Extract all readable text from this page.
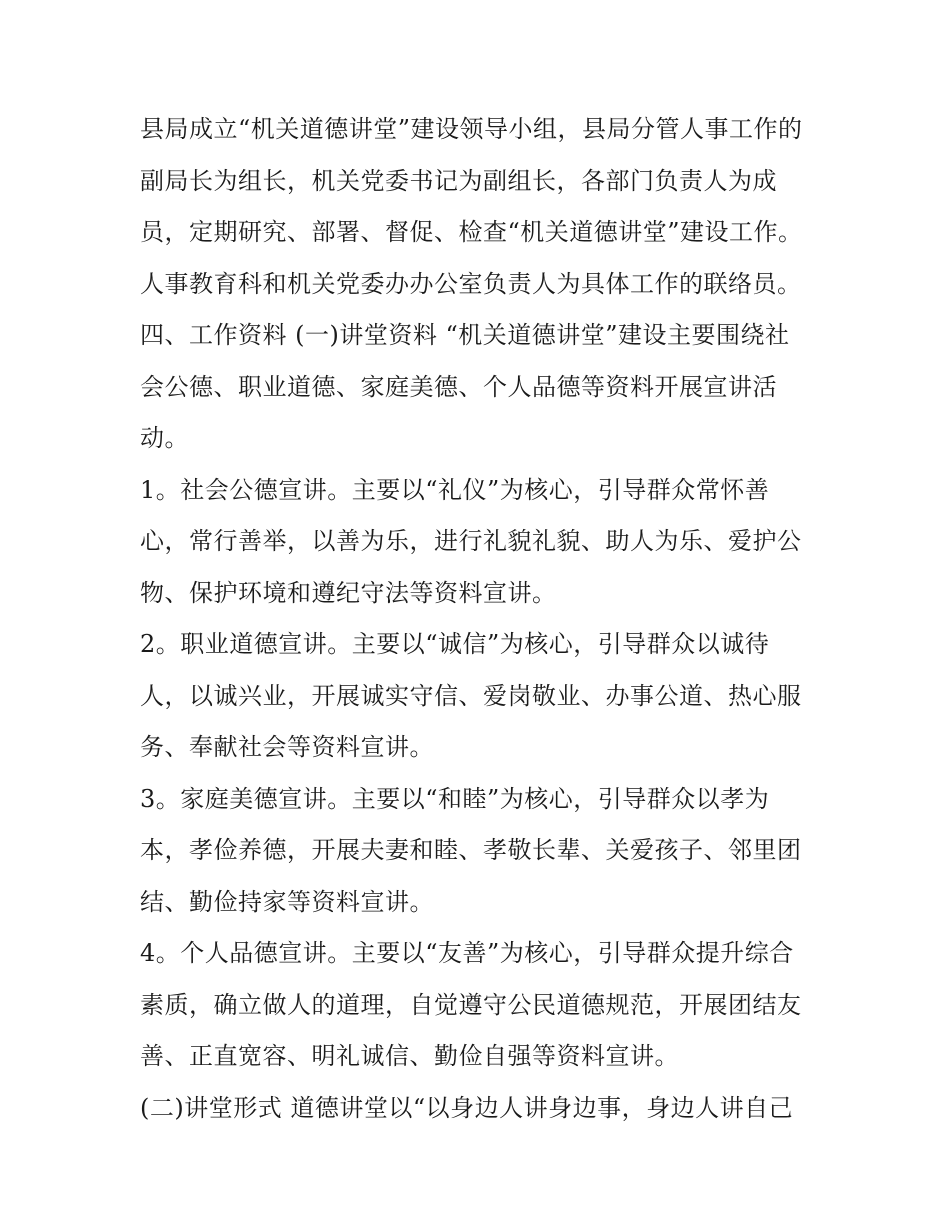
县局成立“机关道德讲堂”建设领导小组，县局分管人事工作的
副局长为组长，机关党委书记为副组长，各部门负责人为成
员，定期研究、部署、督促、检查“机关道德讲堂”建设工作。
人事教育科和机关党委办办公室负责人为具体工作的联络员。
四、工作资料 (一)讲堂资料 “机关道德讲堂”建设主要围绕社
会公德、职业道德、家庭美德、个人品德等资料开展宣讲活
动。
1。社会公德宣讲。主要以“礼仪”为核心，引导群众常怀善
心，常行善举，以善为乐，进行礼貌礼貌、助人为乐、爱护公
物、保护环境和遵纪守法等资料宣讲。
2。职业道德宣讲。主要以“诚信”为核心，引导群众以诚待
人，以诚兴业，开展诚实守信、爱岗敬业、办事公道、热心服
务、奉献社会等资料宣讲。
3。家庭美德宣讲。主要以“和睦”为核心，引导群众以孝为
本，孝俭养德，开展夫妻和睦、孝敬长辈、关爱孩子、邻里团
结、勤俭持家等资料宣讲。
4。个人品德宣讲。主要以“友善”为核心，引导群众提升综合
素质，确立做人的道理，自觉遵守公民道德规范，开展团结友
善、正直宽容、明礼诚信、勤俭自强等资料宣讲。
(二)讲堂形式 道德讲堂以“以身边人讲身边事，身边人讲自己
